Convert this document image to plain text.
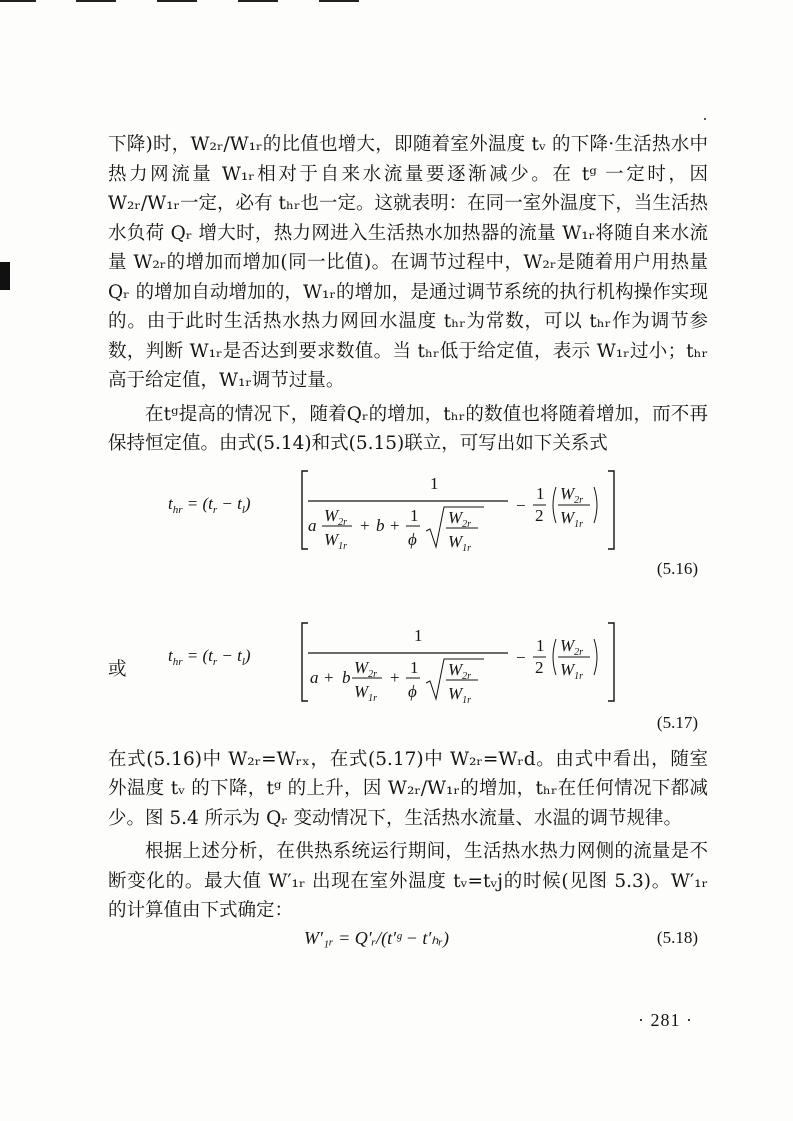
下降)时，W₂ᵣ/W₁ᵣ的比值也增大，即随着室外温度 tᵥ 的下降·生活热水中热力网流量 W₁ᵣ相对于自来水流量要逐渐减少。在 tᵍ 一定时，因 W₂ᵣ/W₁ᵣ一定，必有 tₕᵣ也一定。这就表明：在同一室外温度下，当生活热水负荷 Qᵣ 增大时，热力网进入生活热水加热器的流量 W₁ᵣ将随自来水流量 W₂ᵣ的增加而增加(同一比值)。在调节过程中，W₂ᵣ是随着用户用热量 Qᵣ 的增加自动增加的，W₁ᵣ的增加，是通过调节系统的执行机构操作实现的。由于此时生活热水热力网回水温度 tₕᵣ为常数，可以 tₕᵣ作为调节参数，判断 W₁ᵣ是否达到要求数值。当 tₕᵣ低于给定值，表示 W₁ᵣ过小；tₕᵣ高于给定值，W₁ᵣ调节过量。

在tᵍ提高的情况下，随着Qᵣ的增加，tₕᵣ的数值也将随着增加，而不再保持恒定值。由式(5.14)和式(5.15)联立，可写出如下关系式

$t_{hr} = (t_r - t_l)$
1
a
$W_{2r}$
$W_{1r}$
+ b +
1
ϕ
$W_{2r}$
$W_{1r}$
−
1
2
$W_{2r}$
$W_{1r}$
(5.16)
或
$t_{hr} = (t_r - t_l)$
1
a + b
$W_{2r}$
$W_{1r}$
+
1
ϕ
$W_{2r}$
$W_{1r}$
−
1
2
$W_{2r}$
$W_{1r}$
(5.17)

在式(5.16)中 W₂ᵣ=Wᵣₓ，在式(5.17)中 W₂ᵣ=Wᵣd。由式中看出，随室外温度 tᵥ 的下降，tᵍ 的上升，因 W₂ᵣ/W₁ᵣ的增加，tₕᵣ在任何情况下都减少。图 5.4 所示为 Qᵣ 变动情况下，生活热水流量、水温的调节规律。

根据上述分析，在供热系统运行期间，生活热水热力网侧的流量是不断变化的。最大值 W′₁ᵣ 出现在室外温度 tᵥ=tᵥj的时候(见图 5.3)。W′₁ᵣ 的计算值由下式确定：

W′₁ᵣ = Q′ᵣ/(t′ᵍ − t′ₕᵣ)	(5.18)
· 281 ·
